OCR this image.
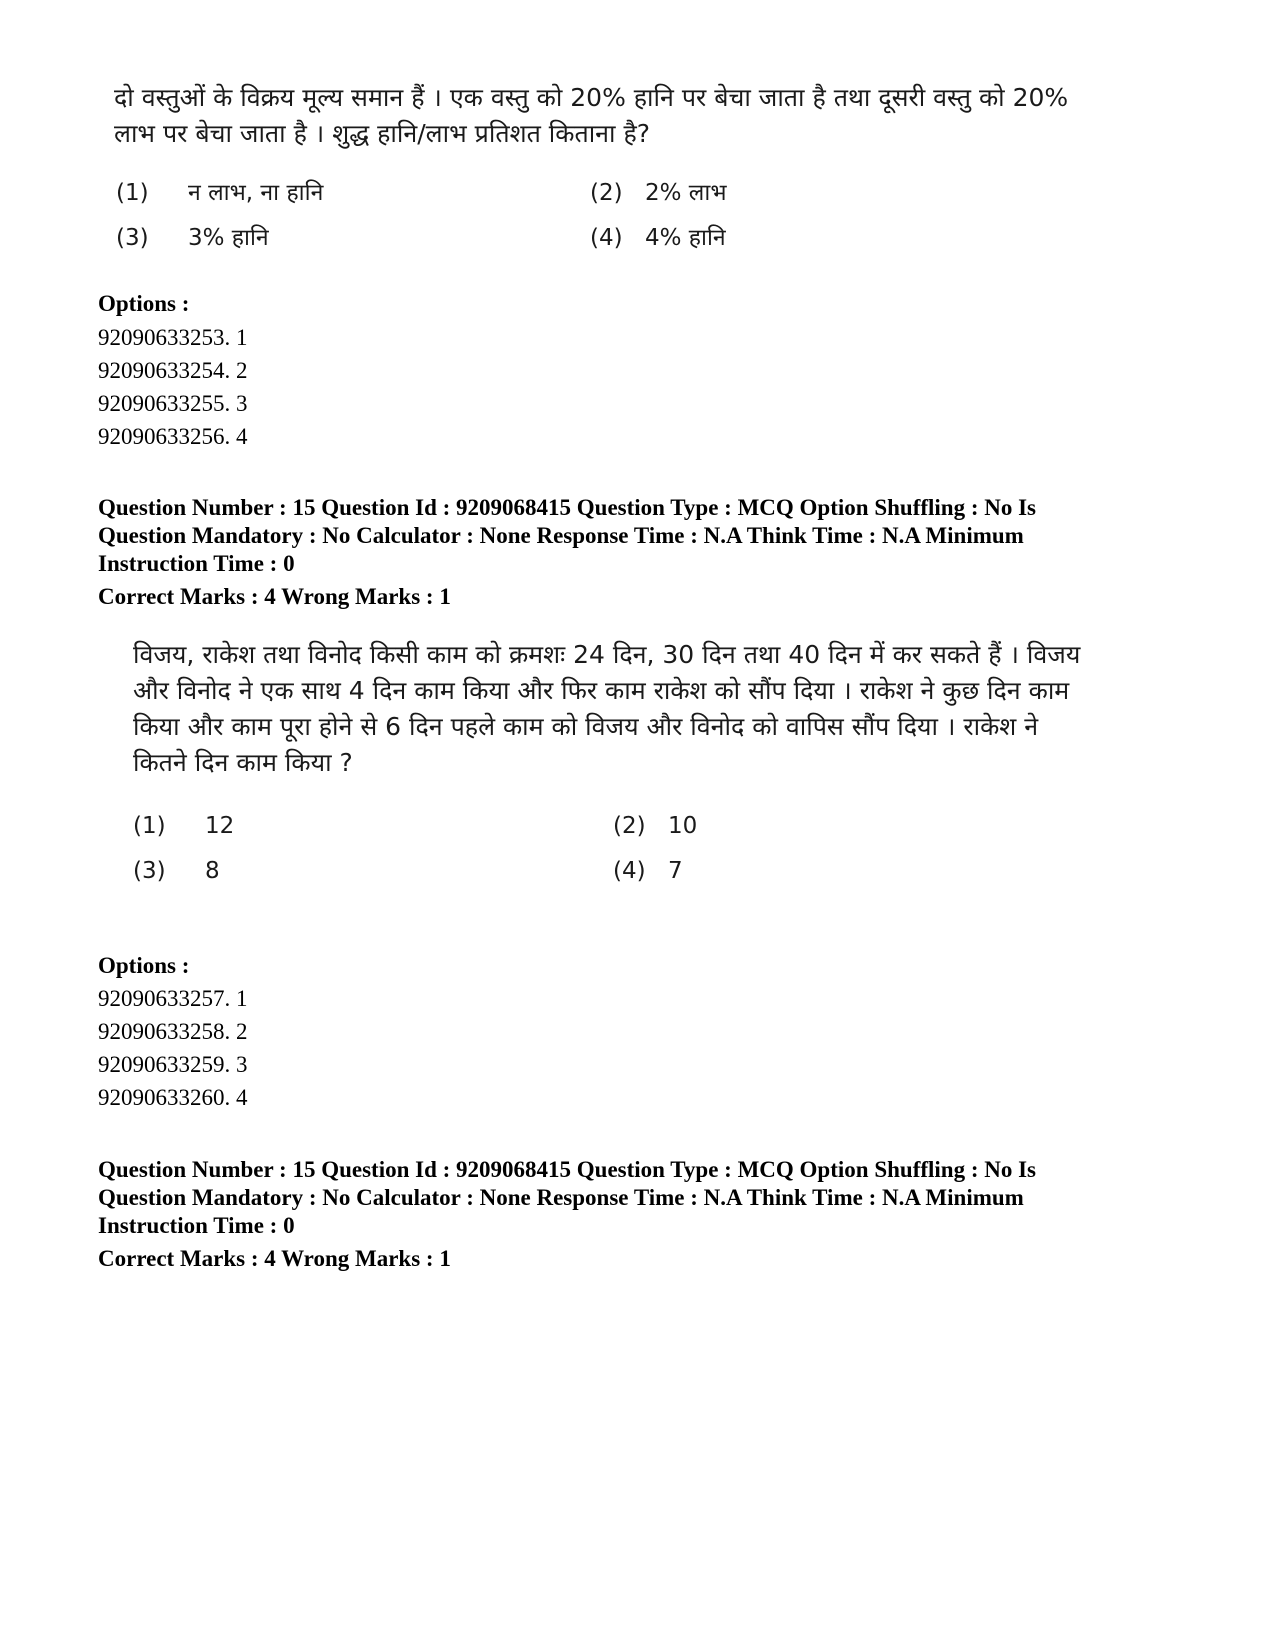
दो वस्तुओं के विक्रय मूल्य समान हैं । एक वस्तु को 20% हानि पर बेचा जाता है तथा दूसरी वस्तु को 20%
लाभ पर बेचा जाता है । शुद्ध हानि/लाभ प्रतिशत किताना है?
(1) न लाभ, ना हानि	(2) 2% लाभ
(3) 3% हानि	(4) 4% हानि
Options :
92090633253. 1
92090633254. 2
92090633255. 3
92090633256. 4
Question Number : 15 Question Id : 9209068415 Question Type : MCQ Option Shuffling : No Is
Question Mandatory : No Calculator : None Response Time : N.A Think Time : N.A Minimum
Instruction Time : 0
Correct Marks : 4 Wrong Marks : 1
विजय, राकेश तथा विनोद किसी काम को क्रमशः 24 दिन, 30 दिन तथा 40 दिन में कर सकते हैं । विजय
और विनोद ने एक साथ 4 दिन काम किया और फिर काम राकेश को सौंप दिया । राकेश ने कुछ दिन काम
किया और काम पूरा होने से 6 दिन पहले काम को विजय और विनोद को वापिस सौंप दिया । राकेश ने
कितने दिन काम किया ?
(1) 12	(2) 10
(3) 8	(4) 7
Options :
92090633257. 1
92090633258. 2
92090633259. 3
92090633260. 4
Question Number : 15 Question Id : 9209068415 Question Type : MCQ Option Shuffling : No Is
Question Mandatory : No Calculator : None Response Time : N.A Think Time : N.A Minimum
Instruction Time : 0
Correct Marks : 4 Wrong Marks : 1
